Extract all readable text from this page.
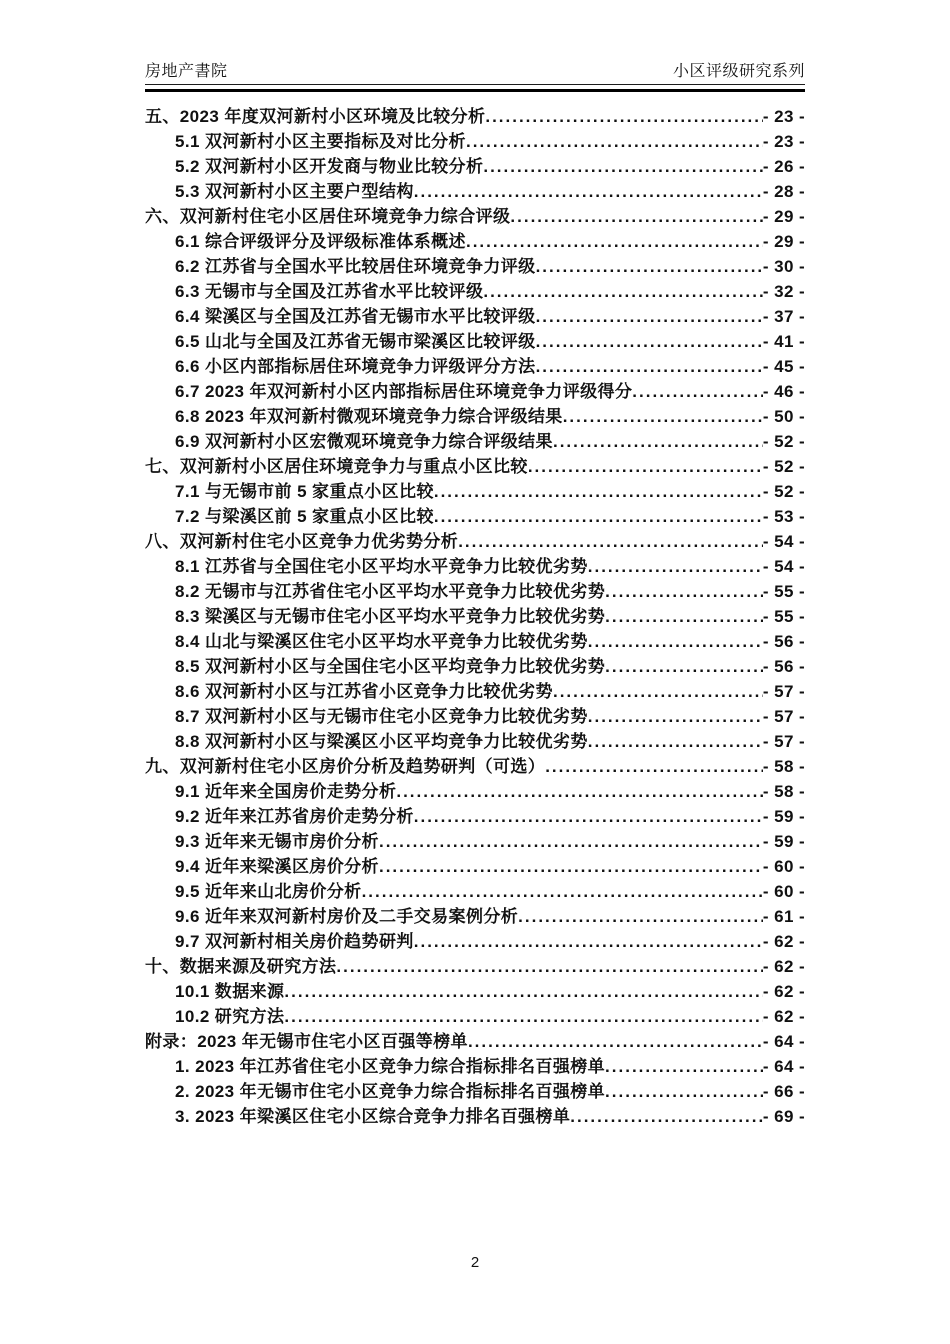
房地产書院	小区评级研究系列
五、2023 年度双河新村小区环境及比较分析 .....	- 23 -
5.1 双河新村小区主要指标及对比分析 .....	- 23 -
5.2 双河新村小区开发商与物业比较分析 .....	- 26 -
5.3 双河新村小区主要户型结构 .....	- 28 -
六、双河新村住宅小区居住环境竞争力综合评级 .....	- 29 -
6.1 综合评级评分及评级标准体系概述 .....	- 29 -
6.2 江苏省与全国水平比较居住环境竞争力评级 .....	- 30 -
6.3 无锡市与全国及江苏省水平比较评级 .....	- 32 -
6.4 梁溪区与全国及江苏省无锡市水平比较评级 .....	- 37 -
6.5 山北与全国及江苏省无锡市梁溪区比较评级 .....	- 41 -
6.6 小区内部指标居住环境竞争力评级评分方法 .....	- 45 -
6.7 2023 年双河新村小区内部指标居住环境竞争力评级得分 .....	- 46 -
6.8 2023 年双河新村微观环境竞争力综合评级结果 .....	- 50 -
6.9 双河新村小区宏微观环境竞争力综合评级结果 .....	- 52 -
七、双河新村小区居住环境竞争力与重点小区比较 .....	- 52 -
7.1 与无锡市前 5 家重点小区比较 .....	- 52 -
7.2 与梁溪区前 5 家重点小区比较 .....	- 53 -
八、双河新村住宅小区竞争力优劣势分析 .....	- 54 -
8.1 江苏省与全国住宅小区平均水平竞争力比较优劣势 .....	- 54 -
8.2 无锡市与江苏省住宅小区平均水平竞争力比较优劣势 .....	- 55 -
8.3 梁溪区与无锡市住宅小区平均水平竞争力比较优劣势 .....	- 55 -
8.4 山北与梁溪区住宅小区平均水平竞争力比较优劣势 .....	- 56 -
8.5 双河新村小区与全国住宅小区平均竞争力比较优劣势 .....	- 56 -
8.6 双河新村小区与江苏省小区竞争力比较优劣势 .....	- 57 -
8.7 双河新村小区与无锡市住宅小区竞争力比较优劣势 .....	- 57 -
8.8 双河新村小区与梁溪区小区平均竞争力比较优劣势 .....	- 57 -
九、双河新村住宅小区房价分析及趋势研判（可选） .....	- 58 -
9.1 近年来全国房价走势分析 .....	- 58 -
9.2 近年来江苏省房价走势分析 .....	- 59 -
9.3 近年来无锡市房价分析 .....	- 59 -
9.4 近年来梁溪区房价分析 .....	- 60 -
9.5 近年来山北房价分析 .....	- 60 -
9.6 近年来双河新村房价及二手交易案例分析 .....	- 61 -
9.7 双河新村相关房价趋势研判 .....	- 62 -
十、数据来源及研究方法 .....	- 62 -
10.1 数据来源 .....	- 62 -
10.2 研究方法 .....	- 62 -
附录：2023 年无锡市住宅小区百强等榜单 .....	- 64 -
1. 2023 年江苏省住宅小区竞争力综合指标排名百强榜单 .....	- 64 -
2. 2023 年无锡市住宅小区竞争力综合指标排名百强榜单 .....	- 66 -
3. 2023 年梁溪区住宅小区综合竞争力排名百强榜单 .....	- 69 -
2
